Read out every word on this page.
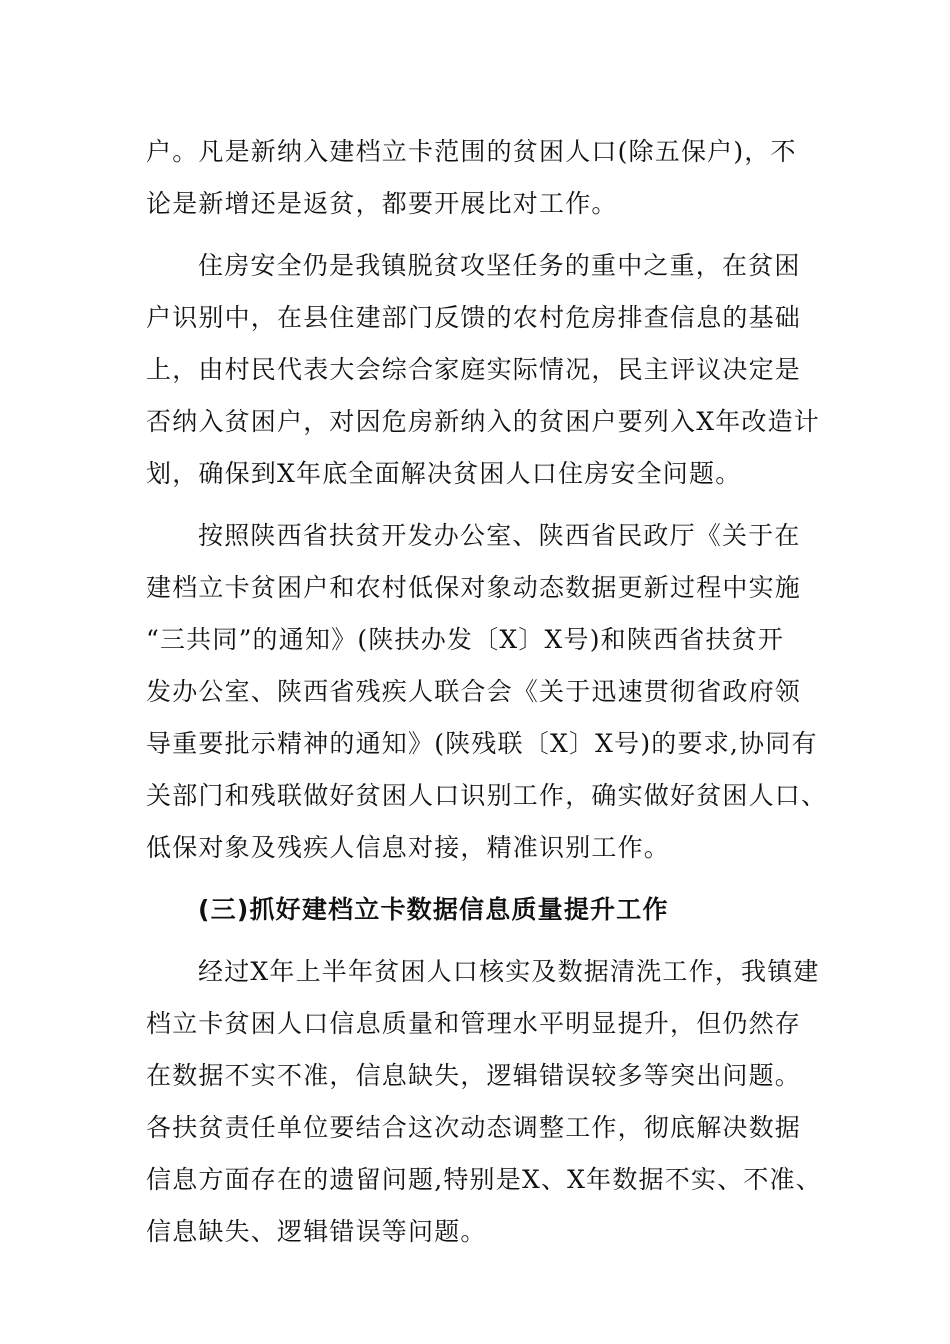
户。凡是新纳入建档立卡范围的贫困人口(除五保户)，不
论是新增还是返贫，都要开展比对工作。
住房安全仍是我镇脱贫攻坚任务的重中之重，在贫困
户识别中，在县住建部门反馈的农村危房排查信息的基础
上，由村民代表大会综合家庭实际情况，民主评议决定是
否纳入贫困户，对因危房新纳入的贫困户要列入X年改造计
划，确保到X年底全面解决贫困人口住房安全问题。
按照陕西省扶贫开发办公室、陕西省民政厅《关于在
建档立卡贫困户和农村低保对象动态数据更新过程中实施
“三共同”的通知》(陕扶办发〔X〕X号)和陕西省扶贫开
发办公室、陕西省残疾人联合会《关于迅速贯彻省政府领
导重要批示精神的通知》(陕残联〔X〕X号)的要求,协同有
关部门和残联做好贫困人口识别工作，确实做好贫困人口、
低保对象及残疾人信息对接，精准识别工作。
(三)抓好建档立卡数据信息质量提升工作
经过X年上半年贫困人口核实及数据清洗工作，我镇建
档立卡贫困人口信息质量和管理水平明显提升，但仍然存
在数据不实不准，信息缺失，逻辑错误较多等突出问题。
各扶贫责任单位要结合这次动态调整工作，彻底解决数据
信息方面存在的遗留问题,特别是X、X年数据不实、不准、
信息缺失、逻辑错误等问题。
